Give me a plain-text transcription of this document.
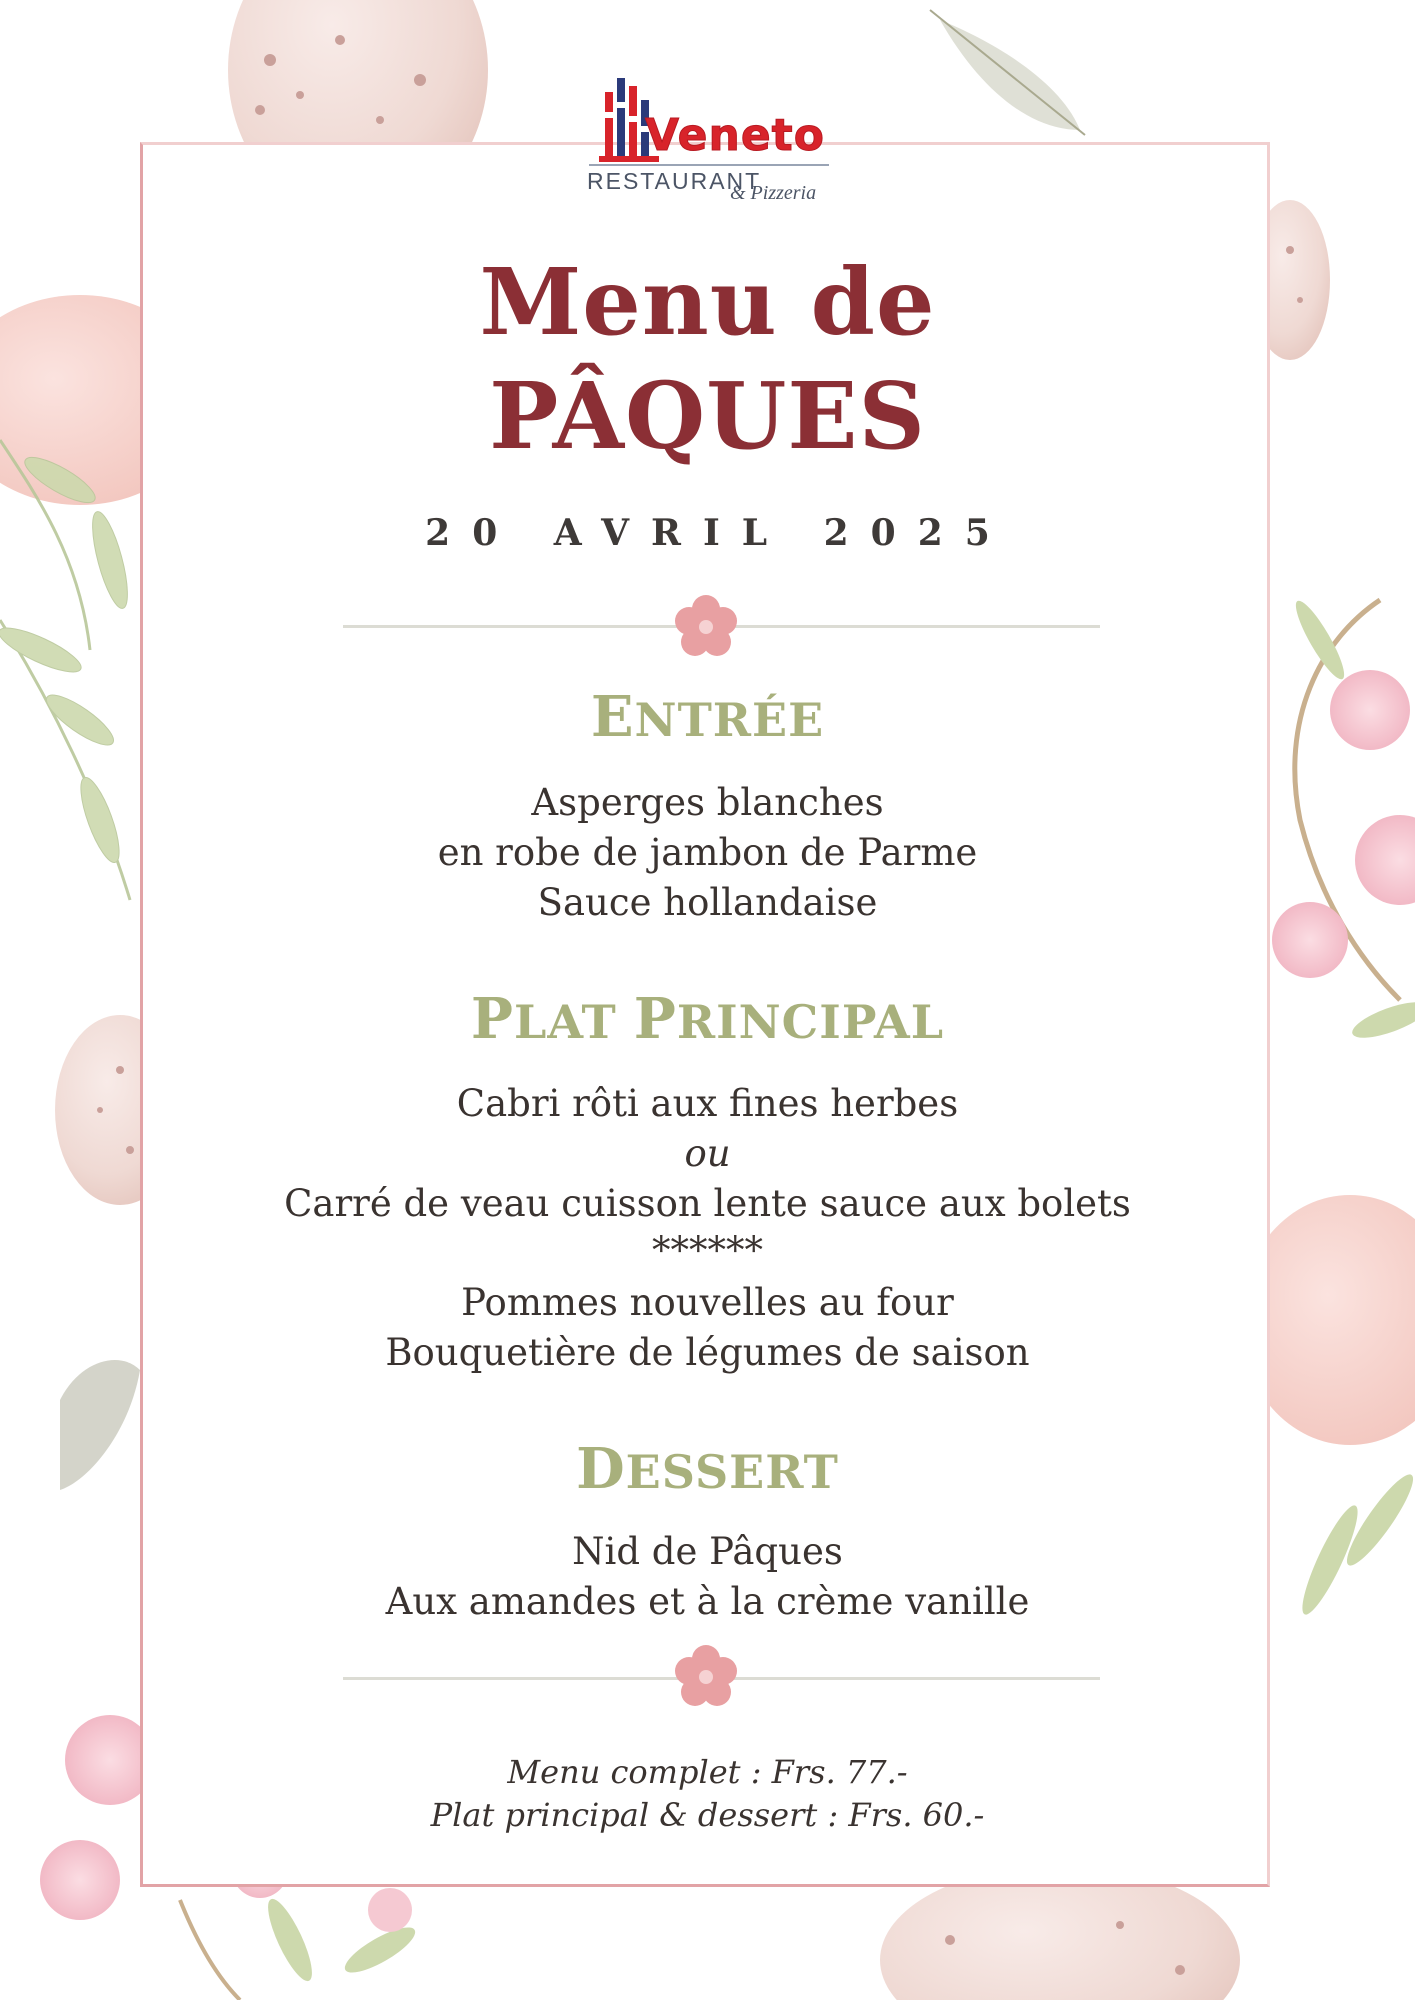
Veneto
RESTAURANT
& Pizzeria
Menu de
PÂQUES
20 AVRIL 2025
ENTRÉE
Asperges blanches
en robe de jambon de Parme
Sauce hollandaise
PLAT PRINCIPAL
Cabri rôti aux fines herbes
ou
Carré de veau cuisson lente sauce aux bolets
******
Pommes nouvelles au four
Bouquetière de légumes de saison
DESSERT
Nid de Pâques
Aux amandes et à la crème vanille
Menu complet : Frs. 77.-
Plat principal & dessert : Frs. 60.-
